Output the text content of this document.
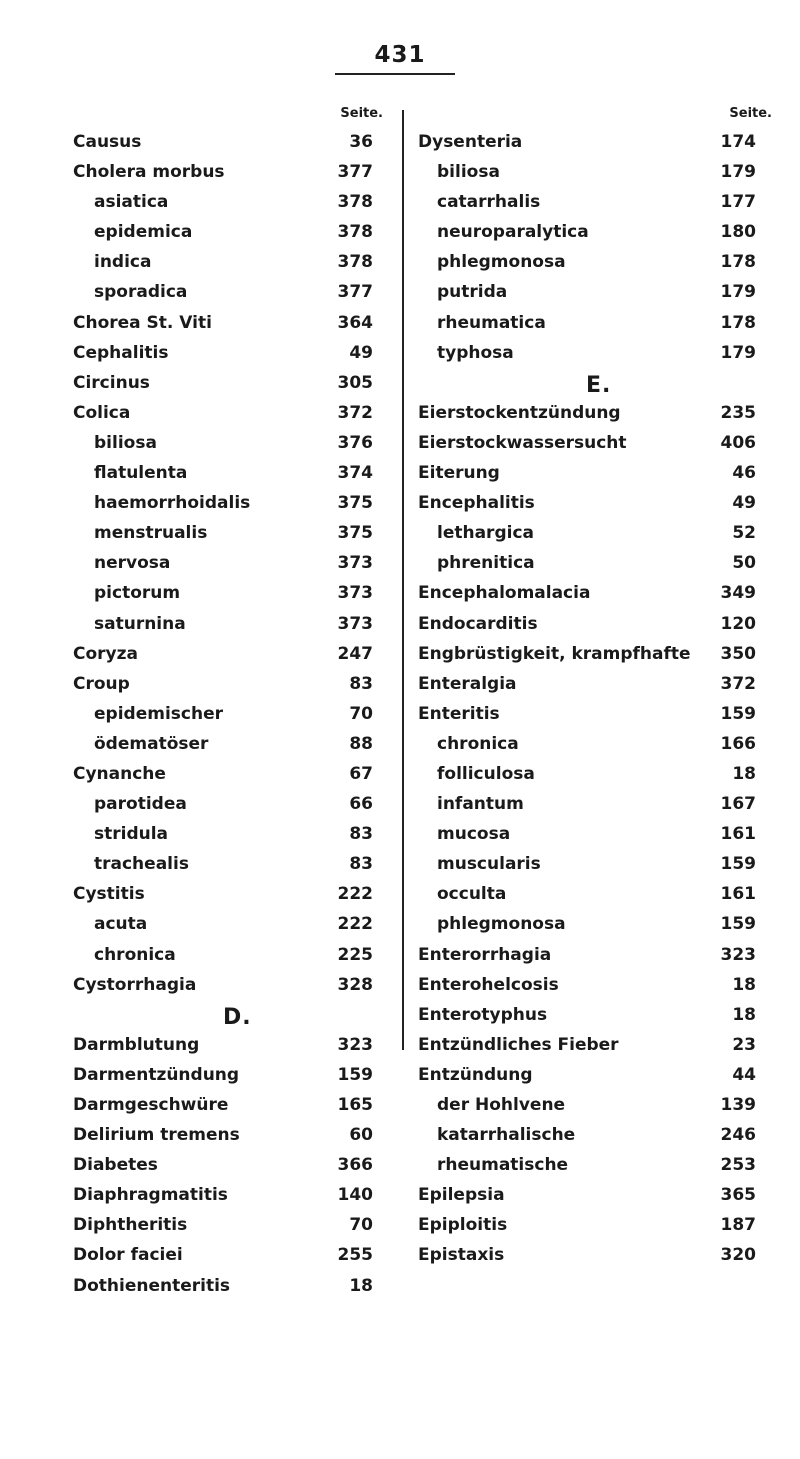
431
Seite.
Causus	36
Cholera morbus	377
asiatica	378
epidemica	378
indica	378
sporadica	377
Chorea St. Viti	364
Cephalitis	49
Circinus	305
Colica	372
biliosa	376
flatulenta	374
haemorrhoidalis	375
menstrualis	375
nervosa	373
pictorum	373
saturnina	373
Coryza	247
Croup	83
epidemischer	70
ödematöser	88
Cynanche	67
parotidea	66
stridula	83
trachealis	83
Cystitis	222
acuta	222
chronica	225
Cystorrhagia	328
D.
Darmblutung	323
Darmentzündung	159
Darmgeschwüre	165
Delirium tremens	60
Diabetes	366
Diaphragmatitis	140
Diphtheritis	70
Dolor faciei	255
Dothienenteritis	18
Seite.
Dysenteria	174
biliosa	179
catarrhalis	177
neuroparalytica	180
phlegmonosa	178
putrida	179
rheumatica	178
typhosa	179
E.
Eierstockentzündung	235
Eierstockwassersucht	406
Eiterung	46
Encephalitis	49
lethargica	52
phrenitica	50
Encephalomalacia	349
Endocarditis	120
Engbrüstigkeit, krampfhafte	350
Enteralgia	372
Enteritis	159
chronica	166
folliculosa	18
infantum	167
mucosa	161
muscularis	159
occulta	161
phlegmonosa	159
Enterorrhagia	323
Enterohelcosis	18
Enterotyphus	18
Entzündliches Fieber	23
Entzündung	44
der Hohlvene	139
katarrhalische	246
rheumatische	253
Epilepsia	365
Epiploitis	187
Epistaxis	320
